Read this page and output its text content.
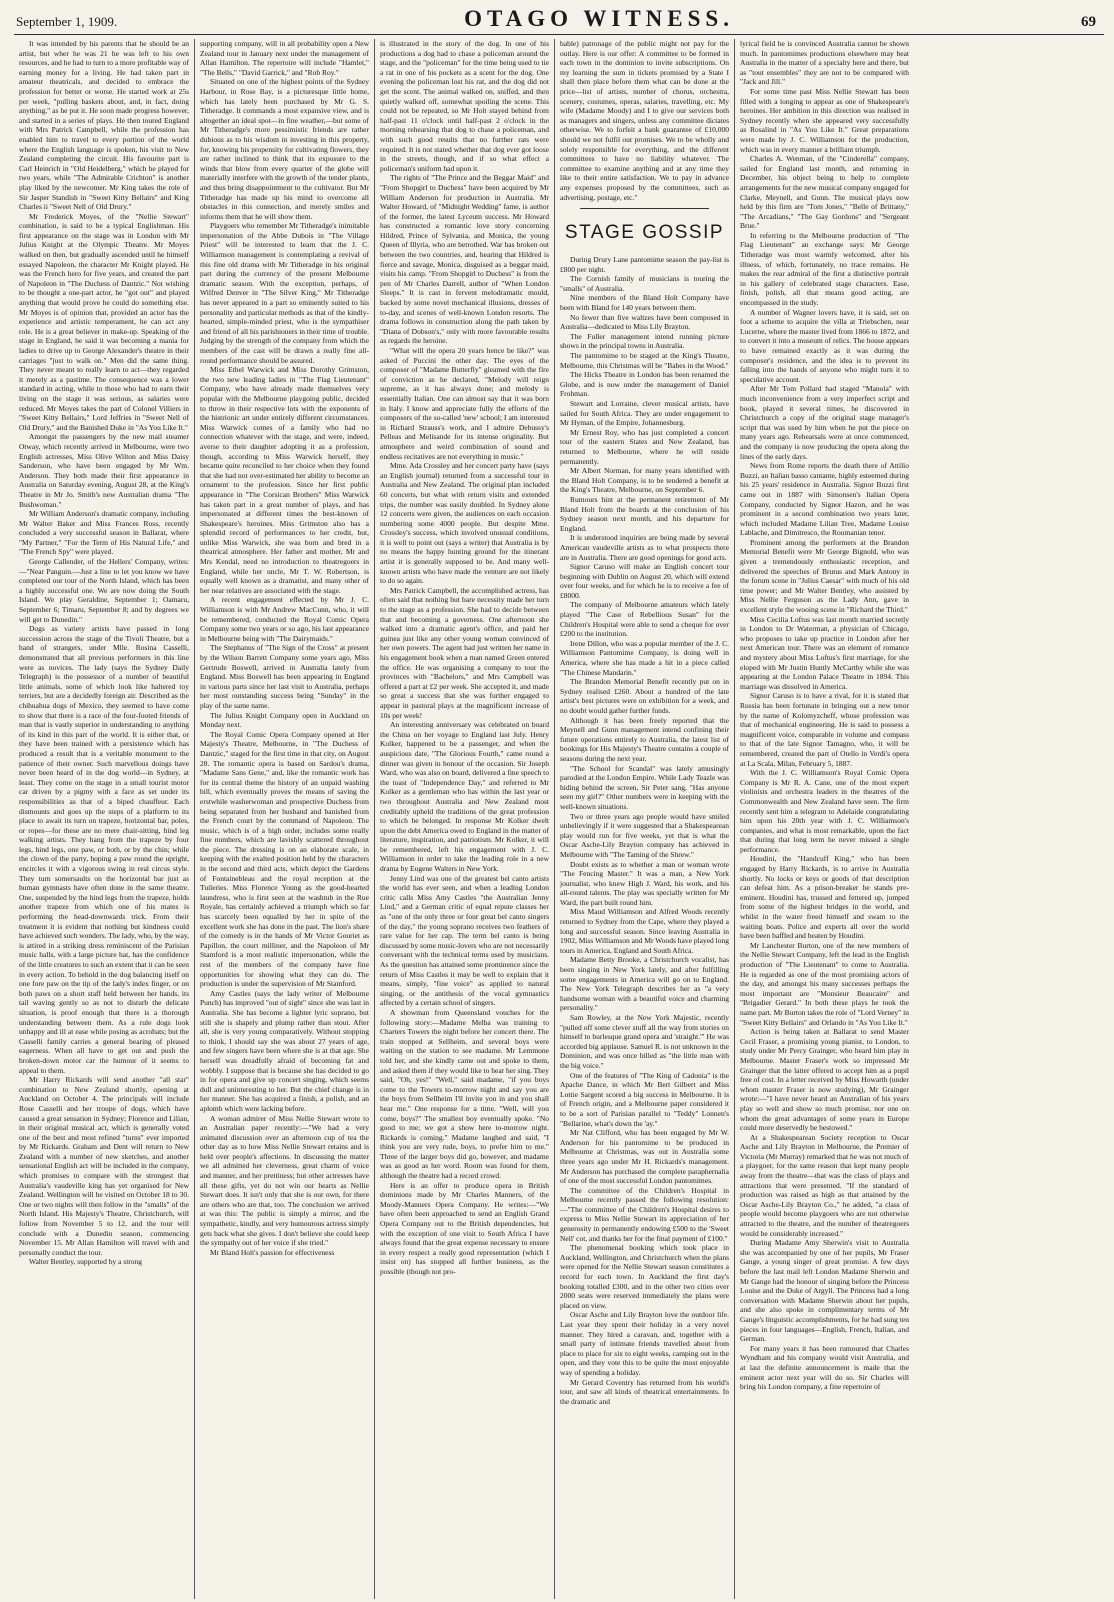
September 1, 1909.	OTAGO WITNESS.	69

It was intended by his parents that he should be an artist, but wher he was 21 he was left to his own resources, and he had to turn to a more profitable way of earning money for a living. He had taken part in amateur theatricals, and decided to embrace the profession for better or worse. He started work at 25s per week, "pulling baskets about, and, in fact, doing anything," as he put it. He soon made progress however, and started in a series of plays. He then toured England with Mrs Patrick Campbell, while the profession has enabled him to travel to every portion of the world where the English language is spoken, his visit to New Zealand completing the circuit. His favourite part is Carl Heinrich in "Old Heidelberg," which he played for two years, while "The Admirable Crichton" is another play liked by the newcomer. Mr King takes the role of Sir Jasper Standish in "Sweet Kitty Bellairs" and King Charles ii "Sweet Nell of Old Drury."

Mr Frederick Moyes, of the "Nellie Stewart" combination, is said to be a typical Englishman. His first appearance on the stage was in London with Mr Julius Knight at the Olympic Theatre. Mr Moyes walked on then, but gradually ascended until he himself essayed Napoleon, the character Mr Knight played. He was the French hero for five years, and created the part of Napoleon in "The Duchess of Dantzic." Not wishing to be thought a one-part actor, he "got out" and played anything that would prove he could do something else. Mr Moyes is of opinion that, provided an actor has the experience and artistic temperament, he can act any role. He is a great believer in make-up. Speaking of the stage in England, he said it was becoming a mania for ladies to drive up to George Alexander's theatre in their carriages "just to walk on." Men did the same thing. They never meant to really learn to act—they regarded it merely as a pastime. The consequence was a lower standard in acting, while to those who had to earn their living on the stage it was serious, as salaries were reduced. Mr Moyes takes the part of Colonel Villiers in "Sweet Kitty Bellairs," Lord Jeffries in "Sweet Nell of Old Drury," and the Banished Duke in "As You Like It."

Amongst the passengers by the new mail steamer Otway, which recently arrived in Melbourne, were two English actresses, Miss Olive Wilton and Miss Daisy Sanderson, who have been engaged by Mr Wm. Anderson. They both made their first appearance in Australia on Saturday evening, August 28, at the King's Theatre in Mr Jo. Smith's new Australian drama "The Bushwoman."

Mr William Anderson's dramatic company, including Mr Walter Baker and Miss Frances Ross, recently concluded a very successful season in Ballarat, where "My Partner," "For the Term of His Natural Life," and "The French Spy" were played.

George Callender, of the Hellers' Company, writes:—"Near Panguin.—Just a line to let you know we have completed our tour of the North Island, which has been a highly successful one. We are now doing the South Island. We play Geraldine, September 1; Oamaru, September 6; Timaru, September 8; and by degrees we will get to Dunedin."

Dogs as variety artists have passed in long succession across the stage of the Tivoli Theatre, but a band of strangers, under Mlle. Rosina Casselli, demonstrated that all previous performers in this line were as novices. The lady (says the Sydney Daily Telegraph) is the possessor of a number of beautiful little animals, some of which look like haltered toy terriers, but are a decidedly foreign air. Described as the chihuahua dogs of Mexico, they seemed to have come to show that there is a race of the four-footed friends of man that is vastly superior in understanding to anything of its kind in this part of the world. It is either that, or they have been trained with a persistence which has produced a result that is a veritable monument to the patience of their owner. Such marvellous doings have never been heard of in the dog world—in Sydney, at least. They come on the stage in a small tourist motor car driven by a pigmy with a face as set under its responsibilities as that of a biped chauffeur. Each dismounts and goes up the steps of a platform to its place to await its turn on trapeze, horizontal bar, poles, or ropes—for these are no mere chair-sitting, hind leg walking artists. They hang from the trapeze by four legs, hind legs, one paw, or both, or by the chin; while the clown of the party, hoping a paw round the upright, encircles it with a vigorous swing in real circus style. They turn somersaults on the horizontal bar just as human gymnasts have often done in the same theatre. One, suspended by the hind legs from the trapeze, holds another trapeze from which one of his mates is performing the head-downwards trick. From their treatment it is evident that nothing but kindness could have achieved such wonders. The lady, who, by the way, is attired in a striking dress reminiscent of the Parisian music halls, with a large picture hat, has the confidence of the little creatures to such an extent that it can be seen in every action. To behold in the dog balancing itself on one fore paw on the tip of the lady's index finger, or on both paws on a short staff held between her hands, its tail waving gently so as not to disturb the delicate situation, is proof enough that there is a thorough understanding between them. As a rule dogs look unhappy and ill at ease while posing as acrobats; but the Casselli family carries a general bearing of pleased eagerness. When all have to get out and push the broken-down motor car the humour of it seems to appeal to them.

Mr Harry Rickards will send another "all star" combination to New Zealand shortly, opening at Auckland on October 4. The principals will include Rose Casselli and her troupe of dogs, which have caused a great sensation in Sydney; Florence and Lilian, in their original musical act, which is generally voted one of the best and most refined "turns" ever imported by Mr Rickards. Graham and Dent will return to New Zealand with a number of new sketches, and another sensational English act will be included in the company, which promises to compare with the strongest that Australia's vaudeville king has yet organised for New Zealand. Wellington will be visited on October 18 to 30. One or two nights will then follow in the "smalls" of the North Island. His Majesty's Theatre, Christchurch, will follow from November 5 to 12, and the tour will conclude with a Dunedin season, commencing November 15. Mr Allan Hamilton will travel with and personally conduct the tour.

Walter Bentley, supported by a strong

supporting company, will in all probability open a New Zealand tour in January next under the management of Allan Hamilton. The repertoire will include "Hamlet," "The Bells," "David Garrick," and "Rob Roy."

Situated on one of the highest points of the Sydney Harbour, in Rose Bay, is a picturesque little home, which has lately been purchased by Mr G. S. Titheradge. It commands a most expansive view, and is altogether an ideal spot—in fine weather,—but some of Mr Titheradge's more pessimistic friends are rather dubious as to his wisdom in investing in this property, for, knowing his propensity for cultivating flowers, they are rather inclined to think that its exposure to the winds that blow from every quarter of the globe will materially interfere with the growth of the tender plants, and thus bring disappointment to the cultivator. But Mr Titheradge has made up his mind to overcome all obstacles in this connection, and merely smiles and informs them that he will show them.

Playgoers who remember Mr Titheradge's inimitable impersonation of the Abbe Dubois in "The Village Priest" will be interested to learn that the J. C. Williamson management is contemplating a revival of this fine old drama with Mr Titheradge in his original part during the currency of the present Melbourne dramatic season. With the exception, perhaps, of Wilfred Denver in "The Silver King," Mr Titheradge has never appeared in a part so eminently suited to his personality and particular methods as that of the kindly-hearted, simple-minded priest, who is the sympathiser and friend of all his parishioners in their time of trouble. Judging by the strength of the company from which the members of the cast will be drawn a really fine all-round performance should be assured.

Miss Ethel Warwick and Miss Dorothy Grimston, the two new leading ladies in "The Flag Lieutenant" Company, who have already made themselves very popular with the Melbourne playgoing public, decided to throw in their respective lots with the exponents of the histrionic art under entirely different circumstances. Miss Warwick comes of a family who had no connection whatever with the stage, and were, indeed, averse to their daughter adopting it as a profession, though, according to Miss Warwick herself, they became quite reconciled to her choice when they found that she had not over-estimated her ability to become an ornament to the profession. Since her first public appearance in "The Corsican Brothers" Miss Warwick has taken part in a great number of plays, and has impersonated at different times the best-known of Shakespeare's heroines. Miss Grimston also has a splendid record of performances to her credit, but, unlike Miss Warwick, she was born and bred in a theatrical atmosphere. Her father and mother, Mr and Mrs Kendal, need no introduction to theatregoers in England, while her uncle, Mr T. W. Robertson, is equally well known as a dramatist, and many other of her near relatives are associated with the stage.

A recent engagement effected by Mr J. C. Williamson is with Mr Andrew MacCunn, who, it will be remembered, conducted the Royal Comic Opera Company some two years or so ago, his last appearance in Melbourne being with "The Dairymaids."

The Stephanus of "The Sign of the Cross" at present by the Wilson Barrett Company some years ago, Miss Gertrude Boswell, arrived in Australia lately from England. Miss Boswell has been appearing in England in various parts since her last visit to Australia, perhaps her most outstanding success being "Sunday" in the play of the same name.

The Julius Knight Company open in Auckland on Monday next.

The Royal Comic Opera Company opened at Her Majesty's Theatre, Melbourne, in "The Duchess of Dantzic," staged for the first time in that city, on August 28. The romantic opera is based on Sardou's drama, "Madame Sans Gene," and, like the romantic work has for its central theme the history of an unpaid washing bill, which eventually proves the means of saving the erstwhile washerwoman and prospective Duchess from being separated from her husband and banished from the French court by the command of Napoleon. The music, which is of a high order, includes some really fine numbers, which are lavishly scattered throughout the piece. The dressing is on an elaborate scale, in keeping with the exalted position held by the characters in the second and third acts, which depict the Gardens of Fontainebleau and the royal reception at the Tuileries. Miss Florence Young as the good-hearted laundress, who is first seen at the washtub in the Rue Royale, has certainly achieved a triumph which so far has scarcely been equalled by her in spite of the excellent work she has done in the past. The lion's share of the comedy is in the hands of Mr Victor Gouriet as Papillon, the court milliner, and the Napoleon of Mr Stamford is a most realistic impersonation, while the rest of the members of the company have fine opportunities for showing what they can do. The production is under the supervision of Mr Stamford.

Amy Castles (says the lady writer of Melbourne Punch) has improved "out of sight" since she was last in Australia. She has become a lighter lyric soprano, but still she is shapely and plump rather than stout. After all, she is very young comparatively. Without stopping to think, I should say she was about 27 years of age, and few singers have been where she is at that age. She herself was dreadfully afraid of becoming fat and wobbly. I suppose that is because she has decided to go in for opera and give up concert singing, which seems dull and uninteresting to her. But the chief change is in her manner. She has acquired a finish, a polish, and an aplomb which were lacking before.

A woman admirer of Miss Nellie Stewart wrote to an Australian paper recently:—"We had a very animated discussion over an afternoon cup of tea the other day as to how Miss Nellie Stewart retains and is held over people's affections. In discussing the matter we all admitted her cleverness, great charm of voice and manner, and her prettiness; but other actresses have all these gifts, yet do not win our hearts as Nellie Stewart does. It isn't only that she is our own, for there are others who are that, too. The conclusion we arrived at was this: The public is simply a mirror, and the sympathetic, kindly, and very humourous actress simply gets back what she gives. I don't believe she could keep the sympathy out of her voice if she tried."

Mr Bland Holt's passion for effectiveness

is illustrated in the story of the dog. In one of his productions a dog had to chase a policeman around the stage, and the "policeman" for the time being used to tie a rat in one of his pockets as a scent for the dog. One evening the policeman lost his rat, and the dog did not get the scent. The animal walked on, sniffed, and then quietly walked off, somewhat spoiling the scene. This could not be repeated, so Mr Holt stayed behind from half-past 11 o'clock until half-past 2 o'clock in the morning rehearsing that dog to chase a policeman, and with such good results that no further rats were required. It is not stated whether that dog ever got loose in the streets, though, and if so what effect a policeman's uniform had upon it.

The rights of "The Prince and the Beggar Maid" and "From Shopgirl to Duchess" have been acquired by Mr William Anderson for production in Australia. Mr Walter Howard, of "Midnight Wedding" fame, is author of the former, the latest Lyceum success. Mr Howard has constructed a romantic love story concerning Hildred, Prince of Sylvania, and Monica, the young Queen of Illyria, who are betrothed. War has broken out between the two countries, and, hearing that Hildred is fierce and savage, Monica, disguised as a beggar maid, visits his camp. "From Shopgirl to Duchess" is from the pen of Mr Charles Darrell, author of "When London Sleeps." It is cast in fervent melodramatic mould, backed by some novel mechanical illusions, dresses of to-day, and scenes of well-known London resorts. The drama follows in construction along the path taken by "Diana of Dobson's," only with more favourable results as regards the heroine.

"What will the opera 20 years hence be like?" was asked of Puccini the other day. The eyes of the composer of "Madame Butterfly" gleamed with the fire of conviction as he declared, "Melody will reign supreme, as it has always done; and melody is essentially Italian. One can almost say that it was born in Italy. I know and appreciate fully the efforts of the composers of the so-called 'new' school; I am interested in Richard Strauss's work, and I admire Debussy's Pelleas and Melisande for its intense originality. But atmosphere and weird combination of sound and endless recitatives are not everything in music."

Mme. Ada Crossley and her concert party have (says an English journal) returned from a successful tour in Australia and New Zealand. The original plan included 60 concerts, but what with return visits and extended trips, the number was easily doubled. In Sydney alone 12 concerts were given, the audiences on each occasion numbering some 4000 people. But despite Mme. Crossley's success, which involved unusual conditions, it is well to point out (says a writer) that Australia is by no means the happy hunting ground for the itinerant artist it is generally supposed to be. And many well-known artists who have made the venture are not likely to do so again.

Mrs Patrick Campbell, the accomplished actress, has often said that nothing but bare necessity made her turn to the stage as a profession. She had to decide between that and becoming a governess. One afternoon she walked into a dramatic agent's office, and paid her guinea just like any other young woman convinced of her own powers. The agent had just written her name in his engagement book when a man named Green entered the office. He was organising a company to tour the provinces with "Bachelors," and Mrs Campbell was offered a part at £2 per week. She accepted it, and made so great a success that she was further engaged to appear in pastoral plays at the magnificent increase of 10s per week!

An interesting anniversary was celebrated on board the China on her voyage to England last July. Henry Kolker, happened to be a passenger, and when the auspicious date, "The Glorious Fourth," came round a dinner was given in honour of the occasion. Sir Joseph Ward, who was also on board, delivered a fine speech to the toast of "Independence Day," and referred to Mr Kolker as a gentleman who has within the last year or two throughout Australia and New Zealand most creditably upheld the traditions of the great profession to which he belonged. In response Mr Kolker dwelt upon the debt America owed to England in the matter of literature, inspiration, and patriotism. Mr Kolker, it will be remembered, left his engagement with J. C. Williamson in order to take the leading role in a new drama by Eugene Walters in New York.

Jenny Lind was one of the greatest bel canto artists the world has ever seen, and when a leading London critic calls Miss Amy Castles "the Australian Jenny Lind," and a German critic of equal repute classes her as "one of the only three or four great bel canto singers of the day," the young soprano receives two feathers of rare value for her cap. The term bel canto is being discussed by some music-lovers who are not necessarily conversant with the technical terms used by musicians. As the question has attained some prominence since the return of Miss Castles it may be well to explain that it means, simply, "fine voice" as applied to natural singing, or the antithesis of the vocal gymnastics affected by a certain school of singers.

A showman from Queensland vouches for the following story:—Madame Melba was training to Charters Towers the night before her concert there. The train stopped at Sellheim, and several boys were waiting on the station to see madame. Mr Lemmone told her, and she kindly came out and spoke to them, and asked them if they would like to hear her sing. They said, "Oh, yes!" "Well," said madame, "if you boys come to the Towers to-morrow night and say you are the boys from Sellheim I'll invite you in and you shall hear me." One response for a time. "Well, will you come, boys?" The smallest boy eventually spoke. "No good to me; we got a show here to-morrow night. Rickards is coming." Madame laughed and said, "I think you are very rude, boys, to prefer him to me." Three of the larger boys did go, however, and madame was as good as her word. Room was found for them, although the theatre had a record crowd.

Here is an offer to produce opera in British dominions made by Mr Charles Manners, of the Moody-Manners Opera Company. He writes:—"We have often been approached to send an English Grand Opera Company out to the British dependencies, but with the exception of one visit to South Africa I have always found that the great expense necessary to ensure in every respect a really good representation (which I insist on) has stopped all further business, as the possible (though not pro-

bable) patronage of the public might not pay for the outlay. Here is our offer: A committee to be formed in each town in the dominion to invite subscriptions. On my learning the sum in tickets promised by a State I shall then place before them what can be done at the price—list of artists, number of chorus, orchestra, scenery, costumes, operas, salaries, travelling, etc. My wife (Madame Moody) and I to give our services both as managers and singers, unless any committee dictates otherwise. We to forfeit a bank guarantee of £10,000 should we not fulfil our promises. We to be wholly and solely responsible for everything, and the different committees to have no liability whatever. The committee to examine anything and at any time they like to their entire satisfaction. We to pay in advance any expenses proposed by the committees, such as advertising, postage, etc."

STAGE GOSSIP

During Drury Lane pantomime season the pay-list is £800 per night.

The Cornish family of musicians is touring the "smalls" of Australia.

Nine members of the Bland Holt Company have been with Bland for 140 years between them.

No fewer than five waltzes have been composed in Australia—dedicated to Miss Lily Brayton.

The Fuller management intend running picture shows in the principal towns in Australia.

The pantomime to be staged at the King's Theatre, Melbourne, this Christmas will be "Babes in the Wood."

The Hicks Theatre in London has been renamed the Globe, and is now under the management of Daniel Frohman.

Stewart and Lorraine, clever musical artists, have sailed for South Africa. They are under engagement to Mr Hyman, of the Empire, Johannesburg.

Mr Ernest Roy, who has just completed a concert tour of the eastern States and New Zealand, has returned to Melbourne, where he will reside permanently.

Mr Albert Norman, for many years identified with the Bland Holt Company, is to be tendered a benefit at the King's Theatre, Melbourne, on September 6.

Rumours hint at the permanent retirement of Mr Bland Holt from the boards at the conclusion of his Sydney season next month, and his departure for England.

It is understood inquiries are being made by several American vaudeville artists as to what prospects there are in Australia. There are good openings for good acts.

Signor Caruso will make an English concert tour beginning with Dublin on August 20, which will extend over four weeks, and for which he is to receive a fee of £8000.

The company of Melbourne amateurs which lately played "The Case of Rebellious Susan" for the Children's Hospital were able to send a cheque for over £200 to the institution.

Irene Dillon, who was a popular member of the J. C. Williamson Pantomime Company, is doing well in America, where she has made a hit in a piece called "The Chinese Mandarin."

The Brandon Memorial Benefit recently put on in Sydney realised £260. About a hundred of the late artist's best pictures were on exhibition for a week, and no doubt would gather further funds.

Although it has been freely reported that the Meynell and Gunn management intend confining their future operations entirely to Australia, the latest list of bookings for His Majesty's Theatre contains a couple of seasons during the next year.

"The School for Scandal" was lately amusingly parodied at the London Empire. While Lady Teazle was hiding behind the screen, Sir Peter sang, "Has anyone seen my girl?" Other numbers were in keeping with the well-known situations.

Two or three years ago people would have smiled unbelievingly if it were suggested that a Shakespearean play would run for five weeks, yet that is what the Oscar Asche-Lily Brayton company has achieved in Melbourne with "The Taming of the Shrew."

Doubt exists as to whether a man or woman wrote "The Fencing Master." It was a man, a New York journalist, who knew High J. Ward, his work, and his all-round talents. The play was specially written for Mr Ward, the part built round him.

Miss Maud Williamson and Alfred Woods recently returned to Sydney from the Cape, where they played a long and successful season. Since leaving Australia in 1902, Miss Williamson and Mr Woods have played long tours in America, England and South Africa.

Madame Betty Brooke, a Christchurch vocalist, has been singing in New York lately, and after fulfilling some engagements in America will go on to England. The New York Telegraph describes her as "a very handsome woman with a beautiful voice and charming personality."

Sam Rowley, at the New York Majestic, recently "pulled off some clever stuff all the way from stories on himself to burlesque grand opera and 'straight.'" He was accorded big applause. Samuel R. is not unknown in the Dominion, and was once billed as "the little man with the big voice."

One of the features of "The King of Cadonia" is the Apache Dance, in which Mr Bert Gilbert and Miss Lottie Sargent scored a big success in Melbourne. It is of French origin, and a Melbourne paper considered it to be a sort of Parisian parallel to "Teddy" Lonnen's "Bellarine, what's down the 'ay."

Mr Nat Clifford, who has been engaged by Mr W. Anderson for his pantomime to be produced in Melbourne at Christmas, was out in Australia some three years ago under Mr H. Rickards's management. Mr Anderson has purchased the complete paraphernalia of one of the most successful London pantomimes.

The committee of the Children's Hospital in Melbourne recently passed the following resolution:—"The committee of the Children's Hospital desires to express to Miss Nellie Stewart its appreciation of her generosity in permanently endowing £500 to the 'Sweet Nell' cot, and thanks her for the final payment of £100."

The phenomenal booking which took place in Auckland, Wellington, and Christchurch when the plans were opened for the Nellie Stewart season constitutes a record for each town. In Auckland the first day's booking totalled £300, and in the other two cities over 2000 seats were reserved immediately the plans were placed on view.

Oscar Asche and Lily Brayton love the outdoor life. Last year they spent their holiday in a very novel manner. They hired a caravan, and, together with a small party of intimate friends travelled about from place to place for six to eight weeks, camping out in the open, and they vote this to be quite the most enjoyable way of spending a holiday.

Mr Gerard Coventry has returned from his world's tour, and saw all kinds of theatrical entertainments. In the dramatic and

lyrical field he is convinced Australia cannot be shown much. In pantomimes productions elsewhere may beat Australia in the matter of a specialty here and there, but as "tout ensembles" they are not to be compared with "Jack and Jill."

For some time past Miss Nellie Stewart has been filled with a longing to appear as one of Shakespeare's heroines. Her ambition in this direction was realised in Sydney recently when she appeared very successfully as Rosalind in "As You Like It." Great preparations were made by J. C. Williamson for the production, which was in every manner a brilliant triumph.

Charles A. Wenman, of the "Cinderella" company, sailed for England last month, and returning in December, his object being to help to complete arrangements for the new musical company engaged for Clarke, Meynell, and Gunn. The musical plays now held by this firm are "Tom Jones," "Belle of Brittany," "The Arcadians," "The Gay Gordons" and "Sergeant Brue."

In referring to the Melbourne production of "The Flag Lieutenant" an exchange says: Mr George Titheradge was most warmly welcomed, after his illness, of which, fortunately, no trace remains. He makes the rear admiral of the first a distinctive portrait in his gallery of celebrated stage characters. Ease, finish, polish, all that means good acting, are encompassed in the study.

A number of Wagner lovers have, it is said, set on foot a scheme to acquire the villa at Triebschen, near Lucerne, where the master lived from 1866 to 1872, and to convert it into a museum of relics. The house appears to have remained exactly as it was during the composer's residence, and the idea is to prevent its falling into the hands of anyone who might turn it to speculative account.

After Mr Tom Pollard had staged "Manola" with much inconvenience from a very imperfect script and book, played it several times, he discovered in Christchurch a copy of the original stage manager's script that was used by him when he put the piece on many years ago. Rehearsals were at once commenced, and the company is now producing the opera along the lines of the early days.

News from Rome reports the death there of Attilio Buzzi, an Italian basso cantante, highly esteemed during his 25 years' residence in Australia. Signor Buzzi first came out in 1887 with Simonsen's Italian Opera Company, conducted by Signor Hazon, and he was prominent in a second combination two years later, which included Madame Lilian Tree, Madame Louise Lablache, and Dimitresco, the Roumanian tenor.

Prominent among the performers at the Brandon Memorial Benefit were Mr George Bignold, who was given a tremendously enthusiastic reception, and delivered the speeches of Brutus and Mark Antony in the forum scene in "Julius Caesar" with much of his old time power; and Mr Walter Bentley, who assisted by Miss Nellie Ferguson as the Lady Ann, gave in excellent style the wooing scene in "Richard the Third."

Miss Cecilia Loftus was last month married secretly in London to Dr Waterman, a physician of Chicago, who proposes to take up practice in London after her next American tour. There was an element of romance and mystery about Miss Loftus's first marriage, for she eloped with Mr Justin Huntly McCarthy while she was appearing at the London Palace Theatre in 1894. This marriage was dissolved in America.

Signor Caruso is to have a rival, for it is stated that Russia has been fortunate in bringing out a new tenor by the name of Kolomyzcheff, whose profession was that of mechanical engineering. He is said to possess a magnificent voice, comparable in volume and compass to that of the late Signor Tamagno, who, it will be remembered, created the part of Otello in Verdi's opera at La Scala, Milan, February 5, 1887.

With the J. C. Williamson's Royal Comic Opera Company is Mr R. A. Cane, one of the most expert violinists and orchestra leaders in the theatres of the Commonwealth and New Zealand have seen. The firm recently sent him a telegram to Adelaide congratulating him upon his 20th year with J. C. Williamson's companies, and what is most remarkable, upon the fact that during that long term he never missed a single performance.

Houdini, the "Handcuff King," who has been engaged by Harry Rickards, is to arrive in Australia shortly. No locks or keys or goods of that description can defeat him. As a prison-breaker he stands pre-eminent. Houdini has, trussed and fettered up, jumped from some of the highest bridges in the world, and whilst in the water freed himself and swam to the waiting boats. Police and experts all over the world have been baffled and beaten by Houdini.

Mr Lanchester Burton, one of the new members of the Nellie Stewart Company, left the lead in the English production of "The Lieutenant" to come to Australia. He is regarded as one of the most promising actors of the day, and amongst his many successes perhaps the most important are "Monsieur Beaucaire" and "Brigadier Gerard." In both these plays he took the name part. Mr Burton takes the role of "Lord Verney" in "Sweet Kitty Bellairs" and Orlando in "As You Like It."

Action is being taken at Ballarat to send Master Cecil Fraser, a promising young pianist, to London, to study under Mr Percy Grainger, who heard him play in Melbourne. Master Fraser's work so impressed Mr Grainger that the latter offered to accept him as a pupil free of cost. In a letter received by Miss Howarth (under whom master Fraser is now studying), Mr Grainger wrote:—"I have never heard an Australian of his years play so well and show so much promise, nor one on whom the great advantages of some years in Europe could more deservedly be bestowed."

At a Shakespearean Society reception to Oscar Asche and Lily Brayton in Melbourne, the Premier of Victoria (Mr Murray) remarked that he was not much of a playgoer, for the same reason that kept many people away from the theatre—that was the class of plays and attractions that were presented. "If the standard of production was raised as high as that attained by the Oscar Asche-Lily Brayton Co.," he added, "a class of people would become playgoers who are not otherwise attracted to the theatre, and the number of theatregoers would be considerably increased."

During Madame Amy Sherwin's visit to Australia she was accompanied by one of her pupils, Mr Fraser Gange, a young singer of great promise. A few days before the last mail left London Madame Sherwin and Mr Gange had the honour of singing before the Princess Louise and the Duke of Argyll. The Princess had a long conversation with Madame Sherwin about her pupils, and she also spoke in complimentary terms of Mr Gange's linguistic accomplishments, for he had sung ten pieces in four languages—English, French, Italian, and German.

For many years it has been rumoured that Charles Wyndham and his company would visit Australia, and at last the definite announcement is made that the eminent actor next year will do so. Sir Charles will bring his London company, a fine repertoire of
